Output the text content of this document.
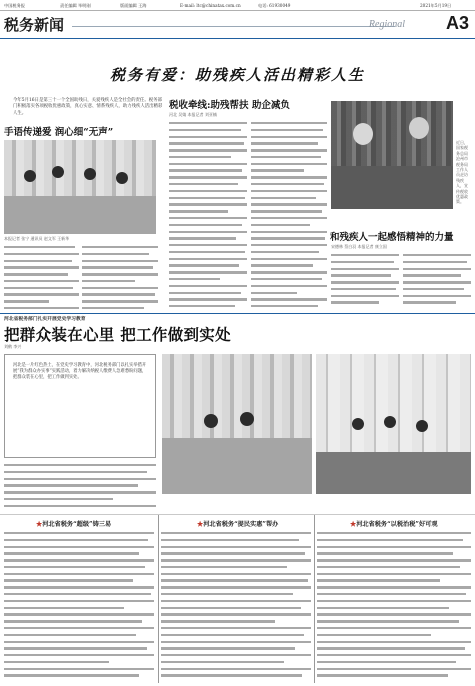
中国税务报	责任编辑 毕明刚	版面编辑 王海	E-mail: ltc@chinatax.com.cn	电话: 61930049	2021年5月19日
税务新闻	Regional A3
税务有爱：助残疾人活出精彩人生
今年5月16日是第三十一个全国助残日，关爱残疾人是全社会的责任。税务部门积极落实各项税收优惠政策，真心实意、情系残疾人，助力残疾人活出精彩人生。
手语传递爱 润心细“无声”
本报记者 张宁 通讯员 赵文军 王新华
税收牵线:助残帮扶 助企减负
河北 吴婧 本报记者 刘亚楠
近日，国家税务总局沧州市税务局工作人员走访残疾人，宣传税收优惠政策。
和残疾人一起感悟精神的力量
宋德林 蔡白羽 本报记者 康立国
河北省税务部门扎实开展党史学习教育
把群众装在心里 把工作做到实处
刘鹤 李兴
河北是一片红色热土，在党史学习教育中，河北税务部门以扎实举措开展“我为群众办实事”实践活动，着力解决纳税人缴费人急难愁盼问题，把群众装在心里，把工作做到实处。
★河北省税务“超级”铸三易	★河北省税务“提民实惠”帮办	★河北省税务“以税治税”好可观
